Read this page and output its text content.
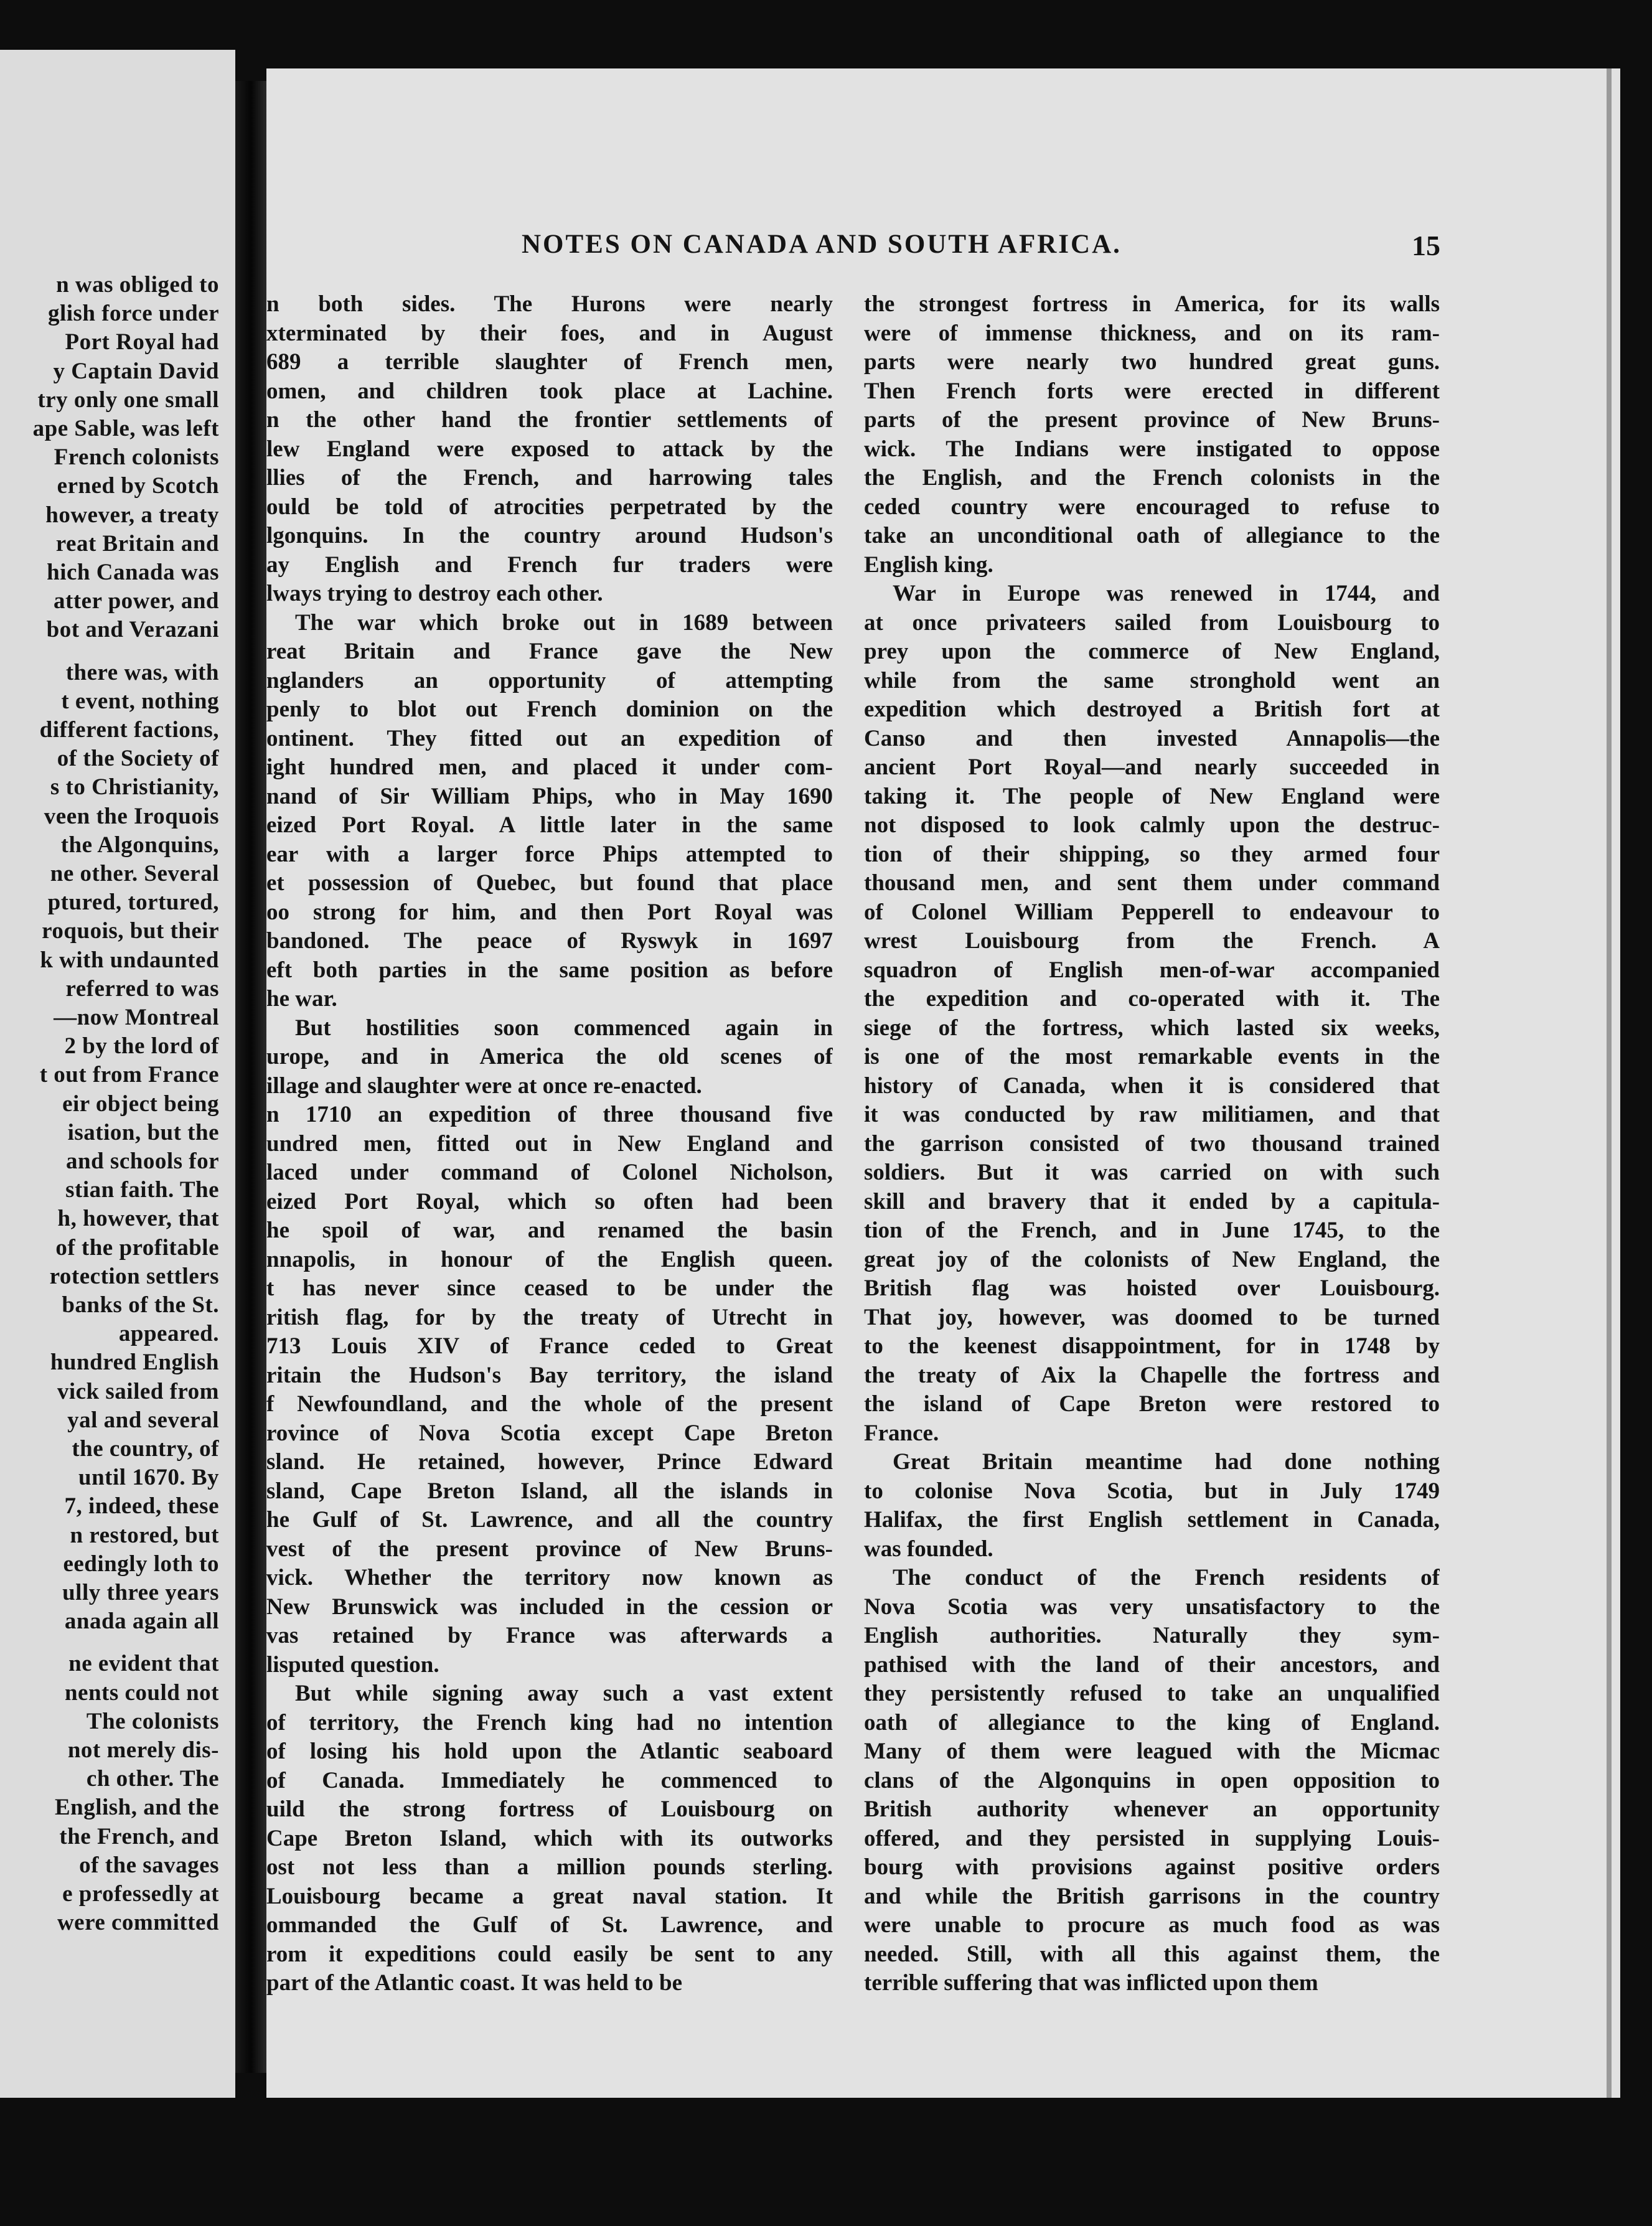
n was obliged to
glish force under
Port Royal had
y Captain David
try only one small
ape Sable, was left
French colonists
erned by Scotch
however, a treaty
reat Britain and
hich Canada was
atter power, and
bot and Verazani
there was, with
t event, nothing
different factions,
of the Society of
s to Christianity,
veen the Iroquois
the Algonquins,
ne other. Several
ptured, tortured,
roquois, but their
k with undaunted
referred to was
—now Montreal
2 by the lord of
t out from France
eir object being
isation, but the
and schools for
stian faith. The
h, however, that
of the profitable
rotection settlers
banks of the St.
appeared.
hundred English
vick sailed from
yal and several
the country, of
until 1670. By
7, indeed, these
n restored, but
eedingly loth to
ully three years
anada again all
ne evident that
nents could not
The colonists
not merely dis-
ch other. The
English, and the
the French, and
of the savages
e professedly at
were committed
NOTES ON CANADA AND SOUTH AFRICA.	15
n both sides. The Hurons were nearly
xterminated by their foes, and in August
689 a terrible slaughter of French men,
omen, and children took place at Lachine.
n the other hand the frontier settlements of
lew England were exposed to attack by the
llies of the French, and harrowing tales
ould be told of atrocities perpetrated by the
lgonquins. In the country around Hudson's
ay English and French fur traders were
lways trying to destroy each other.
The war which broke out in 1689 between
reat Britain and France gave the New
nglanders an opportunity of attempting
penly to blot out French dominion on the
ontinent. They fitted out an expedition of
ight hundred men, and placed it under com-
nand of Sir William Phips, who in May 1690
eized Port Royal. A little later in the same
ear with a larger force Phips attempted to
et possession of Quebec, but found that place
oo strong for him, and then Port Royal was
bandoned. The peace of Ryswyk in 1697
eft both parties in the same position as before
he war.
But hostilities soon commenced again in
urope, and in America the old scenes of
illage and slaughter were at once re-enacted.
n 1710 an expedition of three thousand five
undred men, fitted out in New England and
laced under command of Colonel Nicholson,
eized Port Royal, which so often had been
he spoil of war, and renamed the basin
nnapolis, in honour of the English queen.
t has never since ceased to be under the
ritish flag, for by the treaty of Utrecht in
713 Louis XIV of France ceded to Great
ritain the Hudson's Bay territory, the island
f Newfoundland, and the whole of the present
rovince of Nova Scotia except Cape Breton
sland. He retained, however, Prince Edward
sland, Cape Breton Island, all the islands in
he Gulf of St. Lawrence, and all the country
vest of the present province of New Bruns-
vick. Whether the territory now known as
New Brunswick was included in the cession or
vas retained by France was afterwards a
lisputed question.
But while signing away such a vast extent
of territory, the French king had no intention
of losing his hold upon the Atlantic seaboard
of Canada. Immediately he commenced to
uild the strong fortress of Louisbourg on
Cape Breton Island, which with its outworks
ost not less than a million pounds sterling.
Louisbourg became a great naval station. It
ommanded the Gulf of St. Lawrence, and
rom it expeditions could easily be sent to any
part of the Atlantic coast. It was held to be
the strongest fortress in America, for its walls
were of immense thickness, and on its ram-
parts were nearly two hundred great guns.
Then French forts were erected in different
parts of the present province of New Bruns-
wick. The Indians were instigated to oppose
the English, and the French colonists in the
ceded country were encouraged to refuse to
take an unconditional oath of allegiance to the
English king.
War in Europe was renewed in 1744, and
at once privateers sailed from Louisbourg to
prey upon the commerce of New England,
while from the same stronghold went an
expedition which destroyed a British fort at
Canso and then invested Annapolis—the
ancient Port Royal—and nearly succeeded in
taking it. The people of New England were
not disposed to look calmly upon the destruc-
tion of their shipping, so they armed four
thousand men, and sent them under command
of Colonel William Pepperell to endeavour to
wrest Louisbourg from the French. A
squadron of English men-of-war accompanied
the expedition and co-operated with it. The
siege of the fortress, which lasted six weeks,
is one of the most remarkable events in the
history of Canada, when it is considered that
it was conducted by raw militiamen, and that
the garrison consisted of two thousand trained
soldiers. But it was carried on with such
skill and bravery that it ended by a capitula-
tion of the French, and in June 1745, to the
great joy of the colonists of New England, the
British flag was hoisted over Louisbourg.
That joy, however, was doomed to be turned
to the keenest disappointment, for in 1748 by
the treaty of Aix la Chapelle the fortress and
the island of Cape Breton were restored to
France.
Great Britain meantime had done nothing
to colonise Nova Scotia, but in July 1749
Halifax, the first English settlement in Canada,
was founded.
The conduct of the French residents of
Nova Scotia was very unsatisfactory to the
English authorities. Naturally they sym-
pathised with the land of their ancestors, and
they persistently refused to take an unqualified
oath of allegiance to the king of England.
Many of them were leagued with the Micmac
clans of the Algonquins in open opposition to
British authority whenever an opportunity
offered, and they persisted in supplying Louis-
bourg with provisions against positive orders
and while the British garrisons in the country
were unable to procure as much food as was
needed. Still, with all this against them, the
terrible suffering that was inflicted upon them
